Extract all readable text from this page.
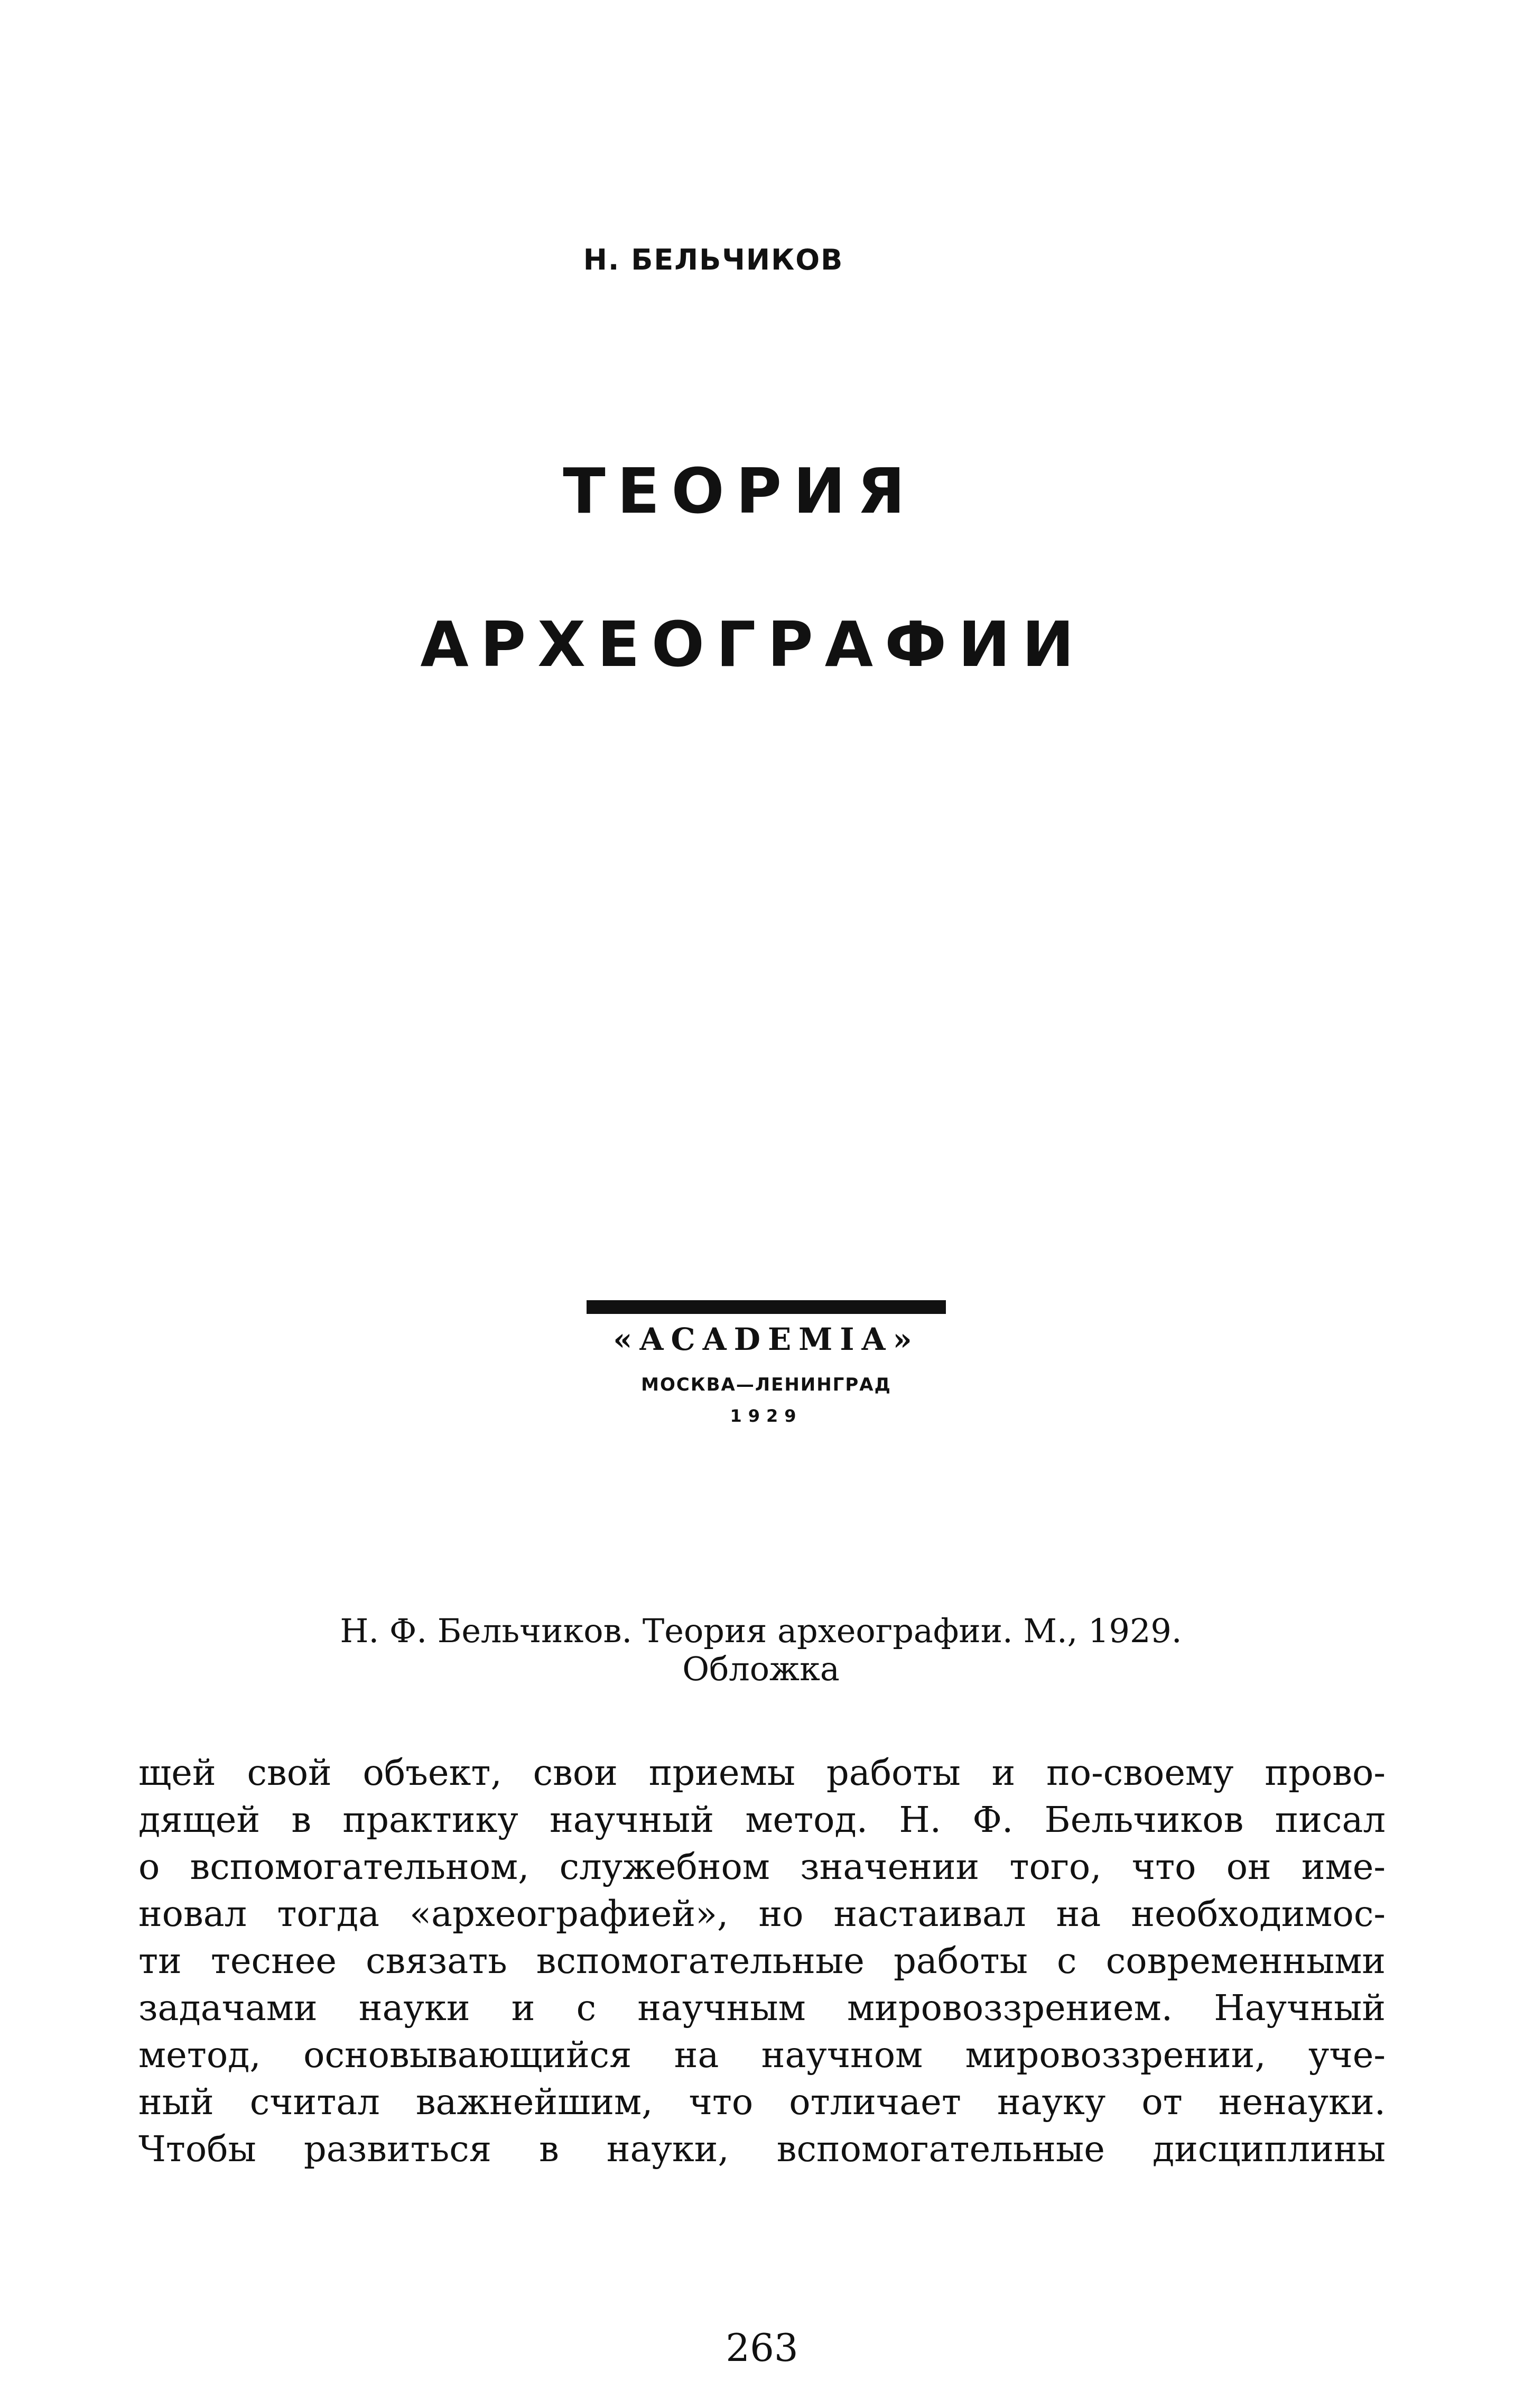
Н. БЕЛЬЧИКОВ
ТЕОРИЯ
АРХЕОГРАФИИ
«ACADEMIA»
МОСКВА—ЛЕНИНГРАД
1929
Н. Ф. Бельчиков. Теория археографии. М., 1929.
Обложка
щей свой объект, свои приемы работы и по-своему прово-
дящей в практику научный метод. Н. Ф. Бельчиков писал
о вспомогательном, служебном значении того, что он име-
новал тогда «археографией», но настаивал на необходимос-
ти теснее связать вспомогательные работы с современными
задачами науки и с научным мировоззрением. Научный
метод, основывающийся на научном мировоззрении, уче-
ный считал важнейшим, что отличает науку от ненауки.
Чтобы развиться в науки, вспомогательные дисциплины
263
